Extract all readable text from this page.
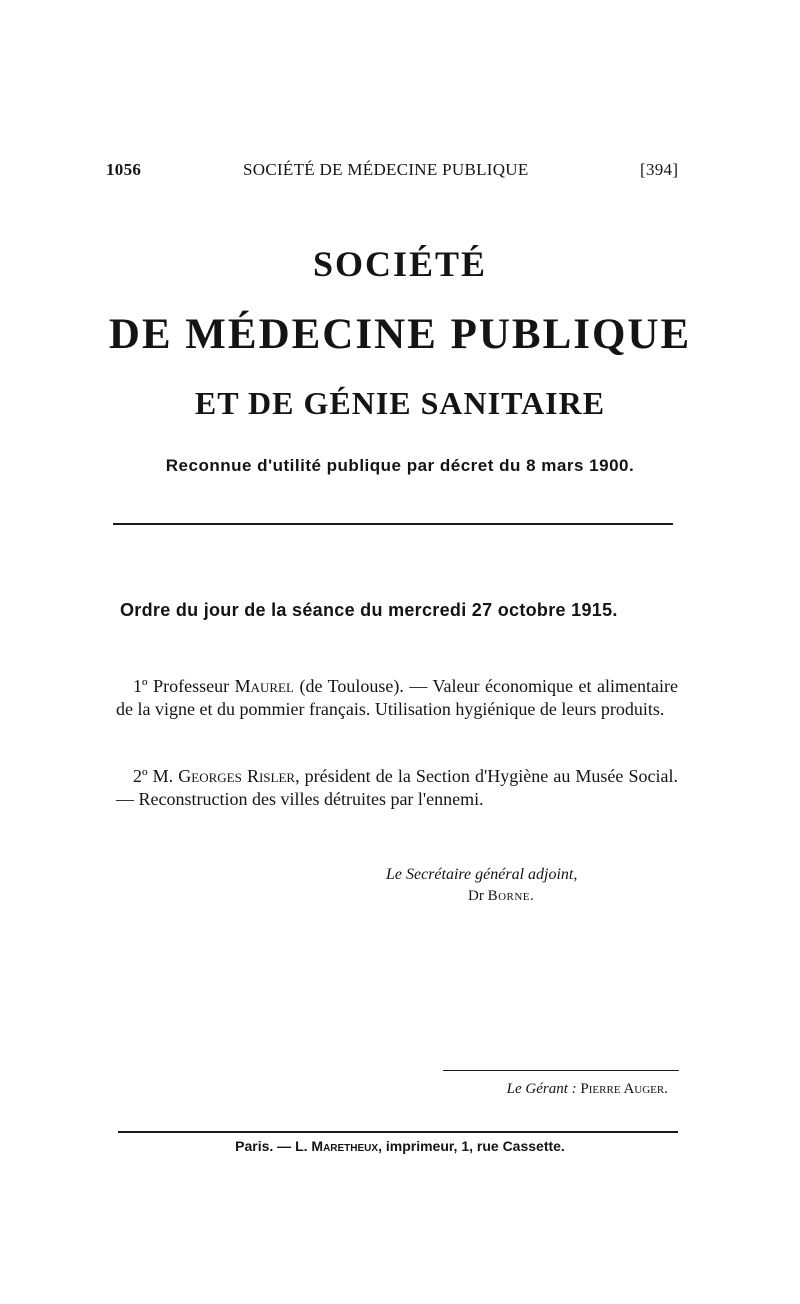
1056	SOCIÉTÉ DE MÉDECINE PUBLIQUE	[394]
SOCIÉTÉ
DE MÉDECINE PUBLIQUE
ET DE GÉNIE SANITAIRE
Reconnue d'utilité publique par décret du 8 mars 1900.
Ordre du jour de la séance du mercredi 27 octobre 1915.

1º Professeur Maurel (de Toulouse). — Valeur économique et alimentaire de la vigne et du pommier français. Utilisation hygiénique de leurs produits.

2º M. Georges Risler, président de la Section d'Hygiène au Musée Social. — Reconstruction des villes détruites par l'ennemi.

Le Secrétaire général adjoint,
Dr Borne.
Le Gérant : Pierre Auger.
Paris. — L. Maretheux, imprimeur, 1, rue Cassette.
